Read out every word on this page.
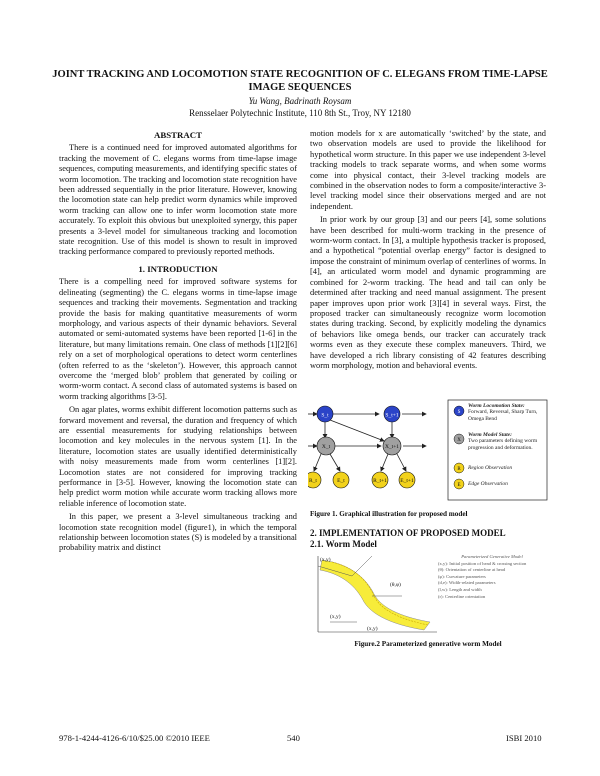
JOINT TRACKING AND LOCOMOTION STATE RECOGNITION OF C. ELEGANS FROM TIME-LAPSE IMAGE SEQUENCES
Yu Wang, Badrinath Roysam
Rensselaer Polytechnic Institute, 110 8th St., Troy, NY 12180
ABSTRACT

There is a continued need for improved automated algorithms for tracking the movement of C. elegans worms from time-lapse image sequences, computing measurements, and identifying specific states of worm locomotion. The tracking and locomotion state recognition have been addressed sequentially in the prior literature. However, knowing the locomotion state can help predict worm dynamics while improved worm tracking can allow one to infer worm locomotion state more accurately. To exploit this obvious but unexploited synergy, this paper presents a 3-level model for simultaneous tracking and locomotion state recognition. Use of this model is shown to result in improved tracking performance compared to previously reported methods.

1. INTRODUCTION

There is a compelling need for improved software systems for delineating (segmenting) the C. elegans worms in time-lapse image sequences and tracking their movements. Segmentation and tracking provide the basis for making quantitative measurements of worm morphology, and various aspects of their dynamic behaviors. Several automated or semi-automated systems have been reported [1-6] in the literature, but many limitations remain. One class of methods [1][2][6] rely on a set of morphological operations to detect worm centerlines (often referred to as the ‘skeleton’). However, this approach cannot overcome the ‘merged blob’ problem that generated by coiling or worm-worm contact. A second class of automated systems is based on worm tracking algorithms [3-5].

On agar plates, worms exhibit different locomotion patterns such as forward movement and reversal, the duration and frequency of which are essential measurements for studying relationships between locomotion and key molecules in the nervous system [1]. In the literature, locomotion states are usually identified deterministically with noisy measurements made from worm centerlines [1][2]. Locomotion states are not considered for improving tracking performance in [3-5]. However, knowing the locomotion state can help predict worm motion while accurate worm tracking allows more reliable inference of locomotion state.

In this paper, we present a 3-level simultaneous tracking and locomotion state recognition model (figure1), in which the temporal relationship between locomotion states (S) is modeled by a transitional probability matrix and distinct

motion models for x are automatically ‘switched’ by the state, and two observation models are used to provide the likelihood for hypothetical worm structure. In this paper we use independent 3-level tracking models to track separate worms, and when some worms come into physical contact, their 3-level tracking models are combined in the observation nodes to form a composite/interactive 3-level tracking model since their observations merged and are not independent.

In prior work by our group [3] and our peers [4], some solutions have been described for multi-worm tracking in the presence of worm-worm contact. In [3], a multiple hypothesis tracker is proposed, and a hypothetical “potential overlap energy” factor is designed to impose the constraint of minimum overlap of centerlines of worms. In [4], an articulated worm model and dynamic programming are combined for 2-worm tracking. The head and tail can only be determined after tracking and need manual assignment. The present paper improves upon prior work [3][4] in several ways. First, the proposed tracker can simultaneously recognize worm locomotion states during tracking. Second, by explicitly modeling the dynamics of behaviors like omega bends, our tracker can accurately track worms even as they execute these complex maneuvers. Third, we have developed a rich library consisting of 42 features describing worm morphology, motion and behavioral events.

S_t	S_t+1
X_t	X_t+1
R_t	E_t	R_t+1 E_t+1
S
X
R
E
Worm Locomotion State:
Forward, Reversal, Sharp Turn, Omega Bend
Worm Model State:
Two parameters defining worm progression and deformation.
Region Observation
Edge Observation
Figure 1. Graphical illustration for proposed model
2. IMPLEMENTATION OF PROPOSED MODEL
2.1. Worm Model
(x,y)
(θ,φ)
(x,y)
(x,y)
Parameterized Generative Model
(x,y): Initial position of head & crossing section
(θ): Orientation of centerline at head
(φ): Curvature parameters
(d,e): Width-related parameters
(l,w): Length and width
(r): Centerline orientation
Figure.2 Parameterized generative worm Model
978-1-4244-4126-6/10/$25.00 ©2010 IEEE	540	ISBI 2010
